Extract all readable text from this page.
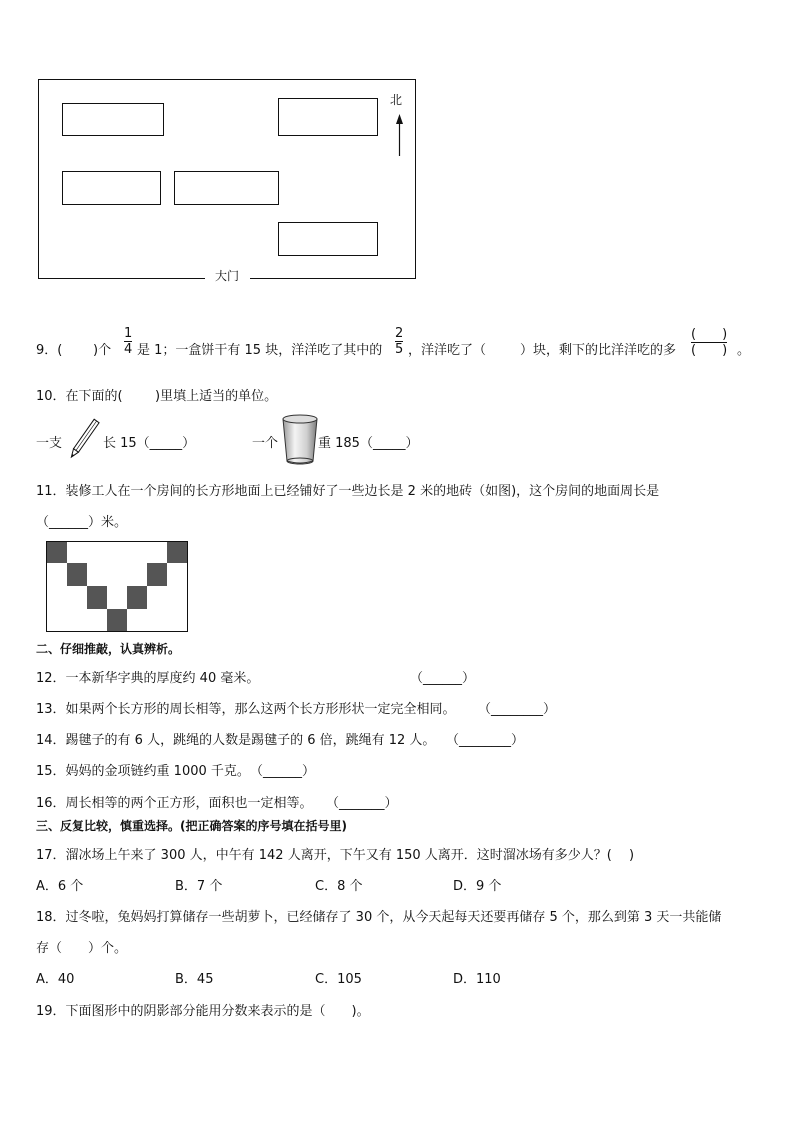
北
大门
9．( )个
1
4 是 1；一盒饼干有 15 块，洋洋吃了其中的
2
5 ，洋洋吃了（	）块，剩下的比洋洋吃的多
(　　)
(　　) 。
10．在下面的( )里填上适当的单位。
一支	长 15（_____）	一个	重 185（_____）
11．装修工人在一个房间的长方形地面上已经铺好了一些边长是 2 米的地砖（如图)，这个房间的地面周长是
（______）米。
二、仔细推敲，认真辨析。
12．一本新华字典的厚度约 40 毫米。	（______）
13．如果两个长方形的周长相等，那么这两个长方形形状一定完全相同。 （________）
14．踢毽子的有 6 人，跳绳的人数是踢毽子的 6 倍，跳绳有 12 人。 （________）
15．妈妈的金项链约重 1000 千克。 （______）
16．周长相等的两个正方形，面积也一定相等。 （_______）
三、反复比较，慎重选择。(把正确答案的序号填在括号里)
17．溜冰场上午来了 300 人，中午有 142 人离开，下午又有 150 人离开．这时溜冰场有多少人？(　 )
A．6 个	B．7 个	C．8 个	D．9 个
18．过冬啦，兔妈妈打算储存一些胡萝卜，已经储存了 30 个，从今天起每天还要再储存 5 个，那么到第 3 天一共能储
存（　　）个。
A．40	B．45	C．105	D．110
19．下面图形中的阴影部分能用分数来表示的是（　　)。
